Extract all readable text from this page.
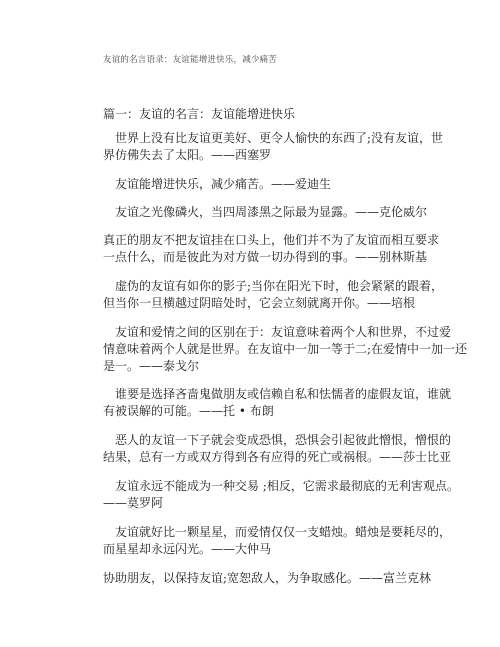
友谊的名言语录：友谊能增进快乐，减少痛苦
篇一：友谊的名言：友谊能增进快乐
世界上没有比友谊更美好、更令人愉快的东西了;没有友谊，世
界仿佛失去了太阳。——西塞罗
友谊能增进快乐，减少痛苦。——爱迪生
友谊之光像磷火，当四周漆黑之际最为显露。——克伦威尔
真正的朋友不把友谊挂在口头上，他们并不为了友谊而相互要求
一点什么，而是彼此为对方做一切办得到的事。——别林斯基
虚伪的友谊有如你的影子;当你在阳光下时，他会紧紧的跟着，
但当你一旦横越过阴暗处时，它会立刻就离开你。——培根
友谊和爱情之间的区别在于：友谊意味着两个人和世界，不过爱
情意味着两个人就是世界。在友谊中一加一等于二;在爱情中一加一还
是一。——泰戈尔
谁要是选择吝啬鬼做朋友或信赖自私和怯懦者的虚假友谊，谁就
有被误解的可能。——托 • 布朗
恶人的友谊一下子就会变成恐惧，恐惧会引起彼此憎恨，憎恨的
结果，总有一方或双方得到各有应得的死亡或祸根。——莎士比亚
友谊永远不能成为一种交易 ;相反，它需求最彻底的无利害观点。
——莫罗阿
友谊就好比一颗星星，而爱情仅仅一支蜡烛。蜡烛是要耗尽的，
而星星却永远闪光。——大仲马
协助朋友，以保持友谊;宽恕敌人，为争取感化。——富兰克林
